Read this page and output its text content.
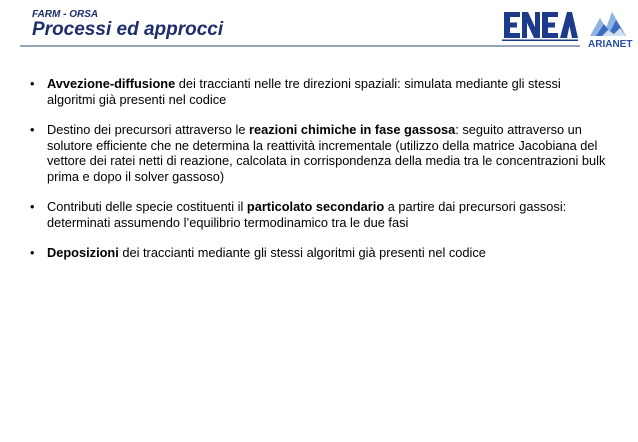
FARM - ORSA
Processi ed approcci
ARIANET
• Avvezione-diffusione dei traccianti nelle tre direzioni spaziali: simulata mediante gli stessi algoritmi già presenti nel codice
• Destino dei precursori attraverso le reazioni chimiche in fase gassosa: seguito attraverso un solutore efficiente che ne determina la reattività incrementale (utilizzo della matrice Jacobiana del vettore dei ratei netti di reazione, calcolata in corrispondenza della media tra le concentrazioni bulk prima e dopo il solver gassoso)
• Contributi delle specie costituenti il particolato secondario a partire dai precursori gassosi: determinati assumendo l’equilibrio termodinamico tra le due fasi
• Deposizioni dei traccianti mediante gli stessi algoritmi già presenti nel codice
